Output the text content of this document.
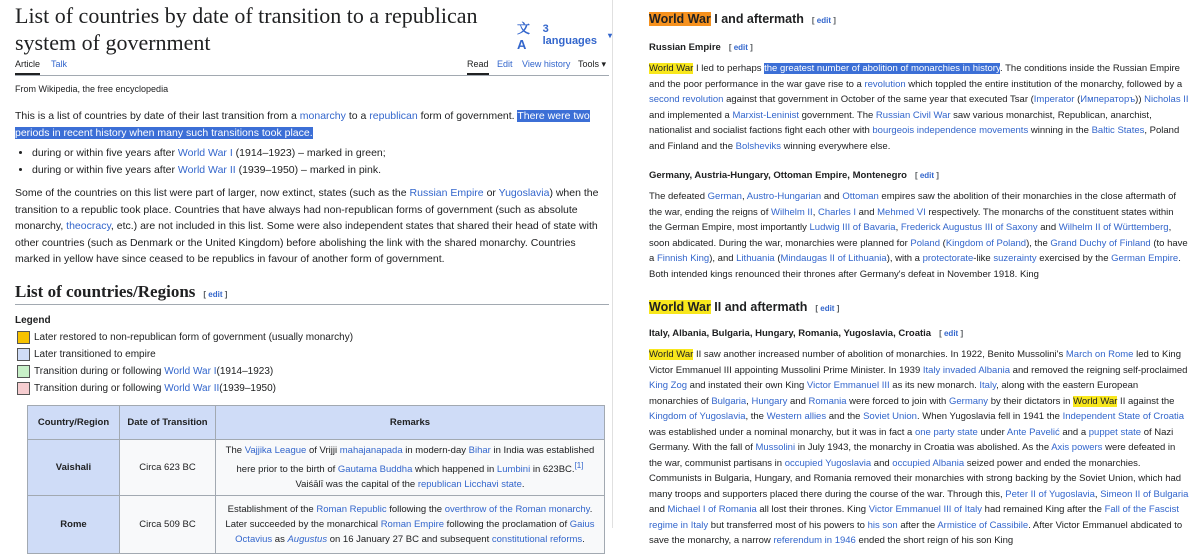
List of countries by date of transition to a republican system of government
文A
3 languages	▾
Article Talk	Read Edit View history Tools ▾
From Wikipedia, the free encyclopedia

This is a list of countries by date of their last transition from a monarchy to a republican form of government. There were two periods in recent history when many such transitions took place.

• during or within five years after World War I (1914–1923) – marked in green;
• during or within five years after World War II (1939–1950) – marked in pink.

Some of the countries on this list were part of larger, now extinct, states (such as the Russian Empire or Yugoslavia) when the transition to a republic took place. Countries that have always had non-republican forms of government (such as absolute monarchy, theocracy, etc.) are not included in this list. Some were also independent states that shared their head of state with other countries (such as Denmark or the United Kingdom) before abolishing the link with the shared monarchy. Countries marked in yellow have since ceased to be republics in favour of another form of government.

List of countries/Regions [ edit ]
Legend
Later restored to non-republican form of government (usually monarchy)
Later transitioned to empire
Transition during or following
World War I (1914–1923)
Transition during or following
World War II (1939–1950)
Country/Region	Date of Transition	Remarks
Vaishali	Circa 623 BC	The Vajjika League of Vrijji mahajanapada in modern-day Bihar in India was established here prior to the birth of Gautama Buddha which happened in Lumbini in 623BC.[1] Vaiśālī was the capital of the republican Licchavi state.
Rome	Circa 509 BC	Establishment of the Roman Republic following the overthrow of the Roman monarchy. Later succeeded by the monarchical Roman Empire following the proclamation of Gaius Octavius as Augustus on 16 January 27 BC and subsequent constitutional reforms.
World War I and aftermath [ edit ]
Russian Empire [ edit ]

World War I led to perhaps the greatest number of abolition of monarchies in history. The conditions inside the Russian Empire and the poor performance in the war gave rise to a revolution which toppled the entire institution of the monarchy, followed by a second revolution against that government in October of the same year that executed Tsar (Imperator (Императоръ)) Nicholas II and implemented a Marxist-Leninist government. The Russian Civil War saw various monarchist, Republican, anarchist, nationalist and socialist factions fight each other with bourgeois independence movements winning in the Baltic States, Poland and Finland and the Bolsheviks winning everywhere else.

Germany, Austria-Hungary, Ottoman Empire, Montenegro [ edit ]

The defeated German, Austro-Hungarian and Ottoman empires saw the abolition of their monarchies in the close aftermath of the war, ending the reigns of Wilhelm II, Charles I and Mehmed VI respectively. The monarchs of the constituent states within the German Empire, most importantly Ludwig III of Bavaria, Frederick Augustus III of Saxony and Wilhelm II of Württemberg, soon abdicated. During the war, monarchies were planned for Poland (Kingdom of Poland), the Grand Duchy of Finland (to have a Finnish King), and Lithuania (Mindaugas II of Lithuania), with a protectorate-like suzerainty exercised by the German Empire. Both intended kings renounced their thrones after Germany's defeat in November 1918. King

World War II and aftermath [ edit ]
Italy, Albania, Bulgaria, Hungary, Romania, Yugoslavia, Croatia [ edit ]

World War II saw another increased number of abolition of monarchies. In 1922, Benito Mussolini's March on Rome led to King Victor Emmanuel III appointing Mussolini Prime Minister. In 1939 Italy invaded Albania and removed the reigning self-proclaimed King Zog and instated their own King Victor Emmanuel III as its new monarch. Italy, along with the eastern European monarchies of Bulgaria, Hungary and Romania were forced to join with Germany by their dictators in World War II against the Kingdom of Yugoslavia, the Western allies and the Soviet Union. When Yugoslavia fell in 1941 the Independent State of Croatia was established under a nominal monarchy, but it was in fact a one party state under Ante Pavelić and a puppet state of Nazi Germany. With the fall of Mussolini in July 1943, the monarchy in Croatia was abolished. As the Axis powers were defeated in the war, communist partisans in occupied Yugoslavia and occupied Albania seized power and ended the monarchies. Communists in Bulgaria, Hungary, and Romania removed their monarchies with strong backing by the Soviet Union, which had many troops and supporters placed there during the course of the war. Through this, Peter II of Yugoslavia, Simeon II of Bulgaria and Michael I of Romania all lost their thrones. King Victor Emmanuel III of Italy had remained King after the Fall of the Fascist regime in Italy but transferred most of his powers to his son after the Armistice of Cassibile. After Victor Emmanuel abdicated to save the monarchy, a narrow referendum in 1946 ended the short reign of his son King
